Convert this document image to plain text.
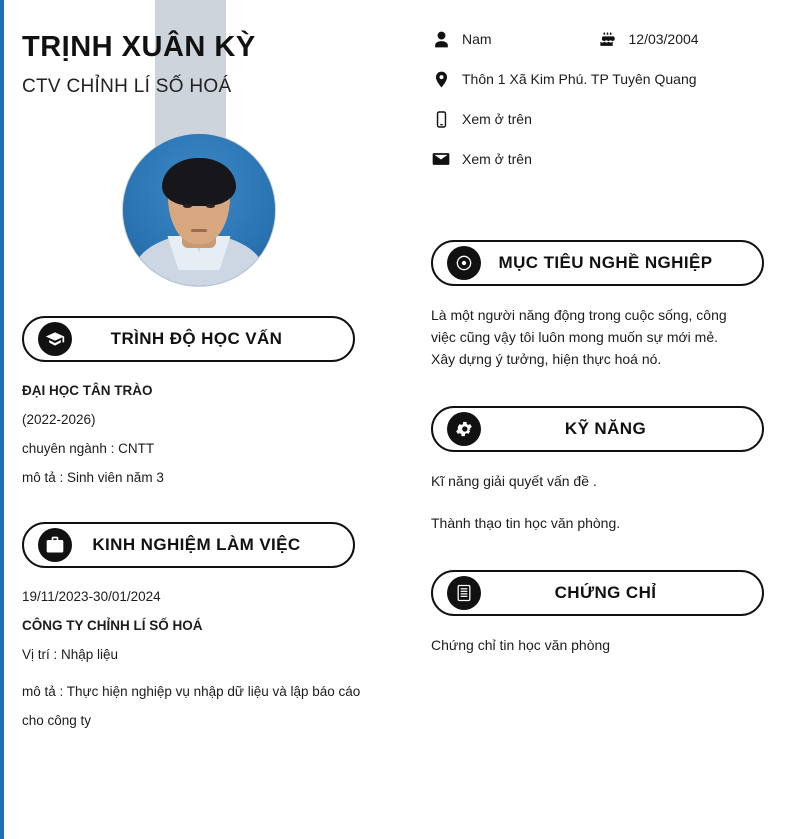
TRỊNH XUÂN KỲ
CTV CHỈNH LÍ SỐ HOÁ
TRÌNH ĐỘ HỌC VẤN

ĐẠI HỌC TÂN TRÀO

(2022-2026)

chuyên ngành : CNTT

mô tả : Sinh viên năm 3

KINH NGHIỆM LÀM VIỆC

19/11/2023-30/01/2024

CÔNG TY CHỈNH LÍ SỐ HOÁ

Vị trí : Nhập liệu

mô tả : Thực hiện nghiệp vụ nhập dữ liệu và lập báo cáo cho công ty

Nam	12/03/2004
Thôn 1 Xã Kim Phú. TP Tuyên Quang
Xem ở trên
Xem ở trên
MỤC TIÊU NGHỀ NGHIỆP

Là một người năng động trong cuộc sống, công việc cũng vậy tôi luôn mong muốn sự mới mẻ. Xây dựng ý tưởng, hiện thực hoá nó.

KỸ NĂNG

Kĩ năng giải quyết vấn đề .

Thành thạo tin học văn phòng.

CHỨNG CHỈ

Chứng chỉ tin học văn phòng
